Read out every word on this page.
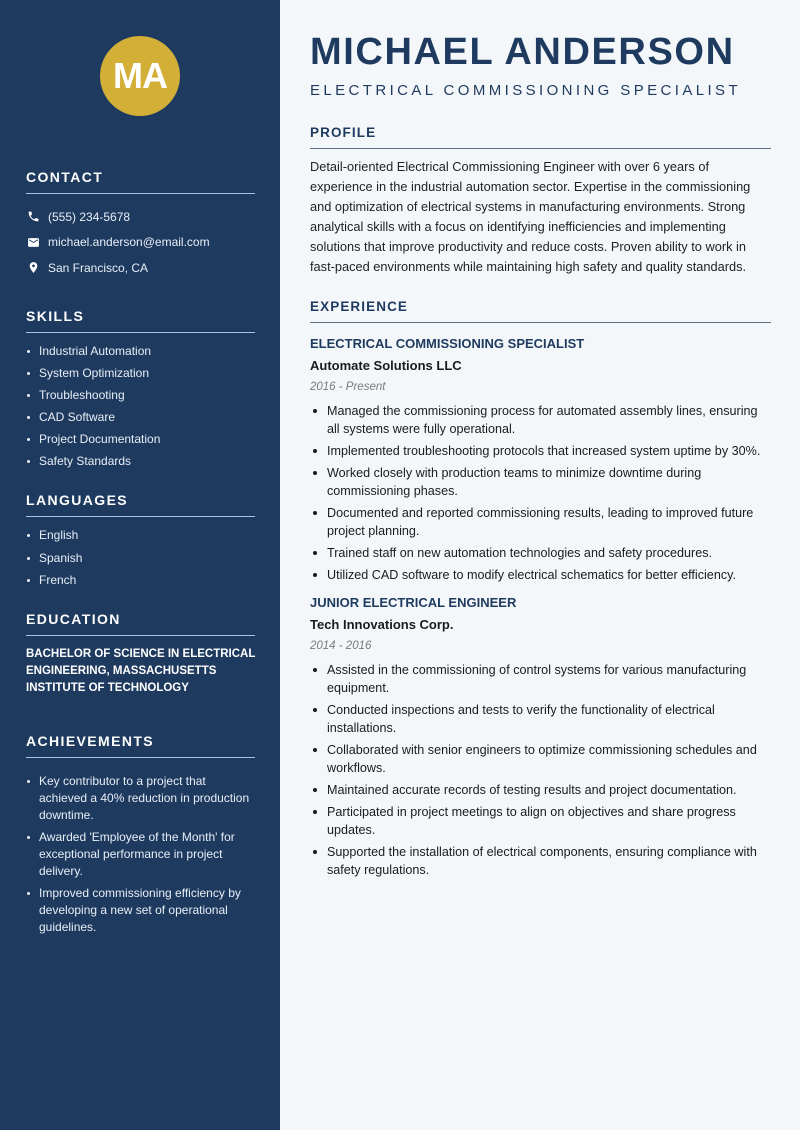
MA
CONTACT
(555) 234-5678
michael.anderson@email.com
San Francisco, CA
SKILLS
Industrial Automation
System Optimization
Troubleshooting
CAD Software
Project Documentation
Safety Standards
LANGUAGES
English
Spanish
French
EDUCATION

BACHELOR OF SCIENCE IN ELECTRICAL ENGINEERING, MASSACHUSETTS INSTITUTE OF TECHNOLOGY

ACHIEVEMENTS
Key contributor to a project that achieved a 40% reduction in production downtime.
Awarded 'Employee of the Month' for exceptional performance in project delivery.
Improved commissioning efficiency by developing a new set of operational guidelines.
MICHAEL ANDERSON
ELECTRICAL COMMISSIONING SPECIALIST
PROFILE

Detail-oriented Electrical Commissioning Engineer with over 6 years of experience in the industrial automation sector. Expertise in the commissioning and optimization of electrical systems in manufacturing environments. Strong analytical skills with a focus on identifying inefficiencies and implementing solutions that improve productivity and reduce costs. Proven ability to work in fast-paced environments while maintaining high safety and quality standards.

EXPERIENCE
ELECTRICAL COMMISSIONING SPECIALIST
Automate Solutions LLC
2016 - Present
Managed the commissioning process for automated assembly lines, ensuring all systems were fully operational.
Implemented troubleshooting protocols that increased system uptime by 30%.
Worked closely with production teams to minimize downtime during commissioning phases.
Documented and reported commissioning results, leading to improved future project planning.
Trained staff on new automation technologies and safety procedures.
Utilized CAD software to modify electrical schematics for better efficiency.
JUNIOR ELECTRICAL ENGINEER
Tech Innovations Corp.
2014 - 2016
Assisted in the commissioning of control systems for various manufacturing equipment.
Conducted inspections and tests to verify the functionality of electrical installations.
Collaborated with senior engineers to optimize commissioning schedules and workflows.
Maintained accurate records of testing results and project documentation.
Participated in project meetings to align on objectives and share progress updates.
Supported the installation of electrical components, ensuring compliance with safety regulations.
